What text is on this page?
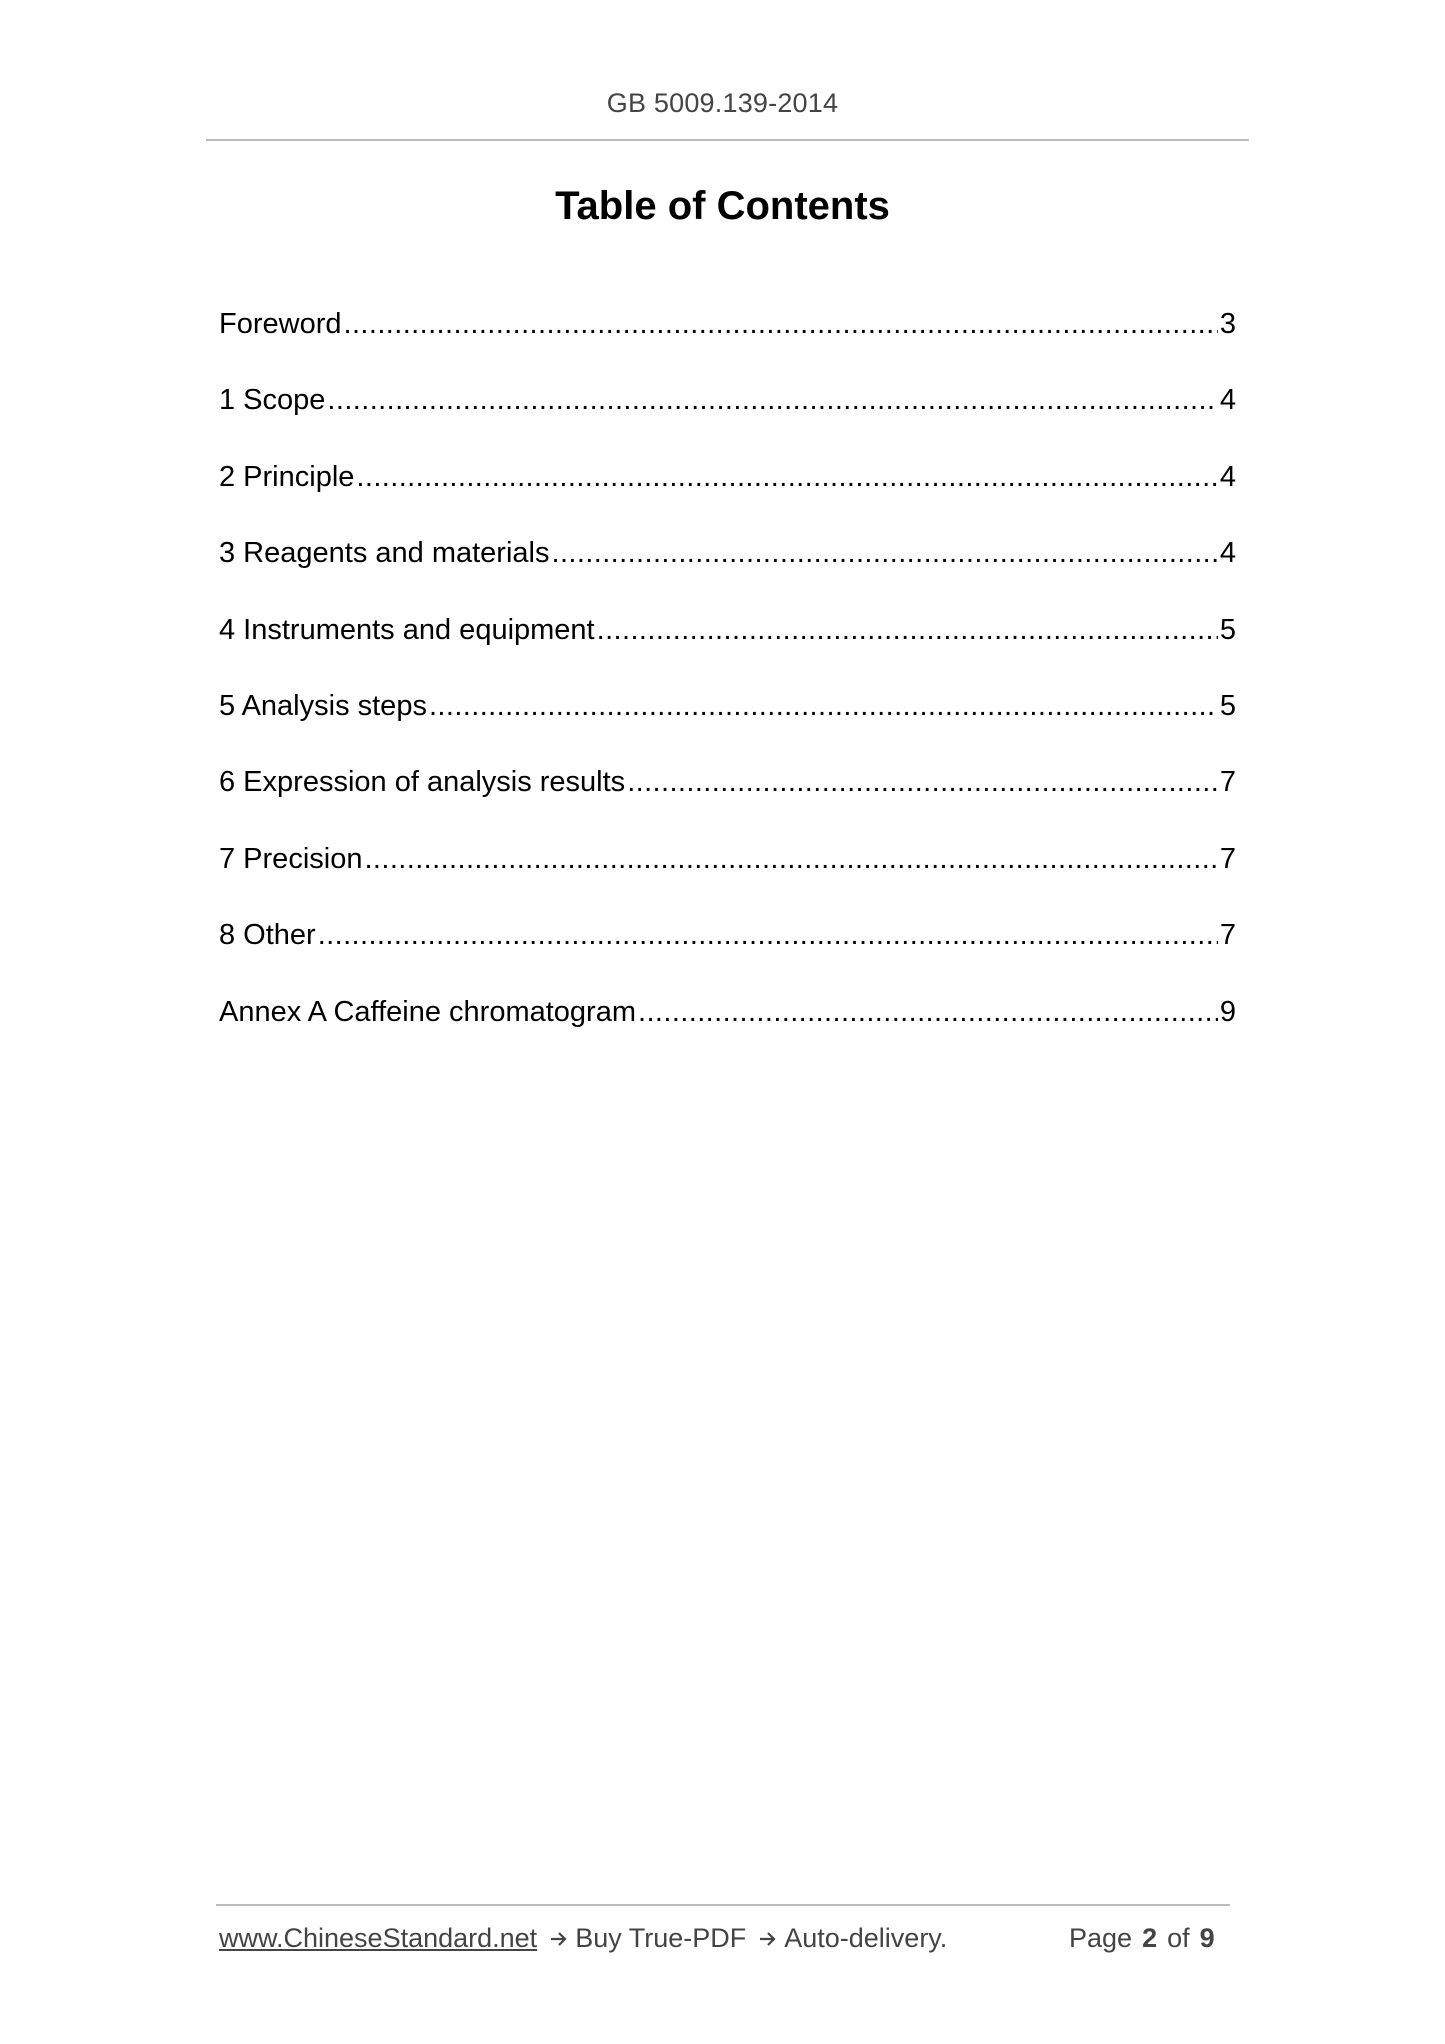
GB 5009.139-2014
Table of Contents
Foreword .....	3
1 Scope .....	4
2 Principle .....	4
3 Reagents and materials .....	4
4 Instruments and equipment .....	5
5 Analysis steps .....	5
6 Expression of analysis results .....	7
7 Precision .....	7
8 Other .....	7
Annex A Caffeine chromatogram .....	9
www.ChineseStandard.net Buy True-PDF Auto-delivery.	Page 2 of 9
